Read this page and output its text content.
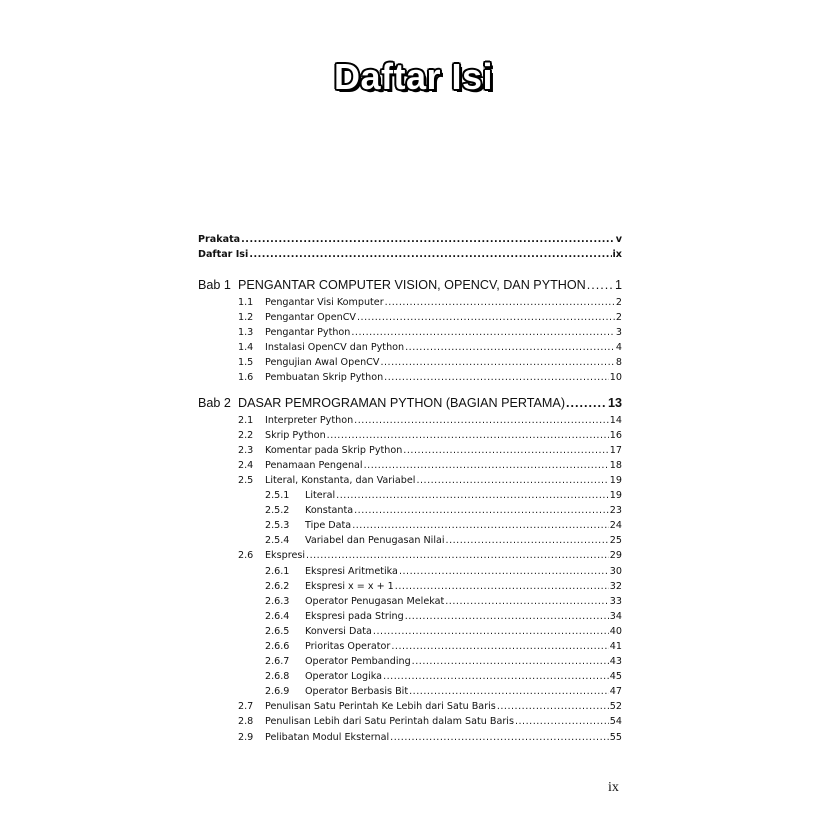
Daftar Isi
Prakata .....	v
Daftar Isi .....	ix
Bab 1 PENGANTAR COMPUTER VISION, OPENCV, DAN PYTHON ..... 1
1.1 Pengantar Visi Komputer .....	2
1.2 Pengantar OpenCV .....	2
1.3 Pengantar Python .....	3
1.4 Instalasi OpenCV dan Python .....	4
1.5 Pengujian Awal OpenCV .....	8
1.6 Pembuatan Skrip Python .....	10
Bab 2 DASAR PEMROGRAMAN PYTHON (BAGIAN PERTAMA) .....	13
2.1 Interpreter Python .....	14
2.2 Skrip Python .....	16
2.3 Komentar pada Skrip Python .....	17
2.4 Penamaan Pengenal .....	18
2.5 Literal, Konstanta, dan Variabel .....	19
2.5.1 Literal .....	19
2.5.2 Konstanta .....	23
2.5.3 Tipe Data .....	24
2.5.4 Variabel dan Penugasan Nilai .....	25
2.6 Ekspresi .....	29
2.6.1 Ekspresi Aritmetika .....	30
2.6.2 Ekspresi x = x + 1 .....	32
2.6.3 Operator Penugasan Melekat .....	33
2.6.4 Ekspresi pada String .....	34
2.6.5 Konversi Data .....	40
2.6.6 Prioritas Operator .....	41
2.6.7 Operator Pembanding .....	43
2.6.8 Operator Logika .....	45
2.6.9 Operator Berbasis Bit .....	47
2.7 Penulisan Satu Perintah Ke Lebih dari Satu Baris .....	52
2.8 Penulisan Lebih dari Satu Perintah dalam Satu Baris .....	54
2.9 Pelibatan Modul Eksternal .....	55
ix
